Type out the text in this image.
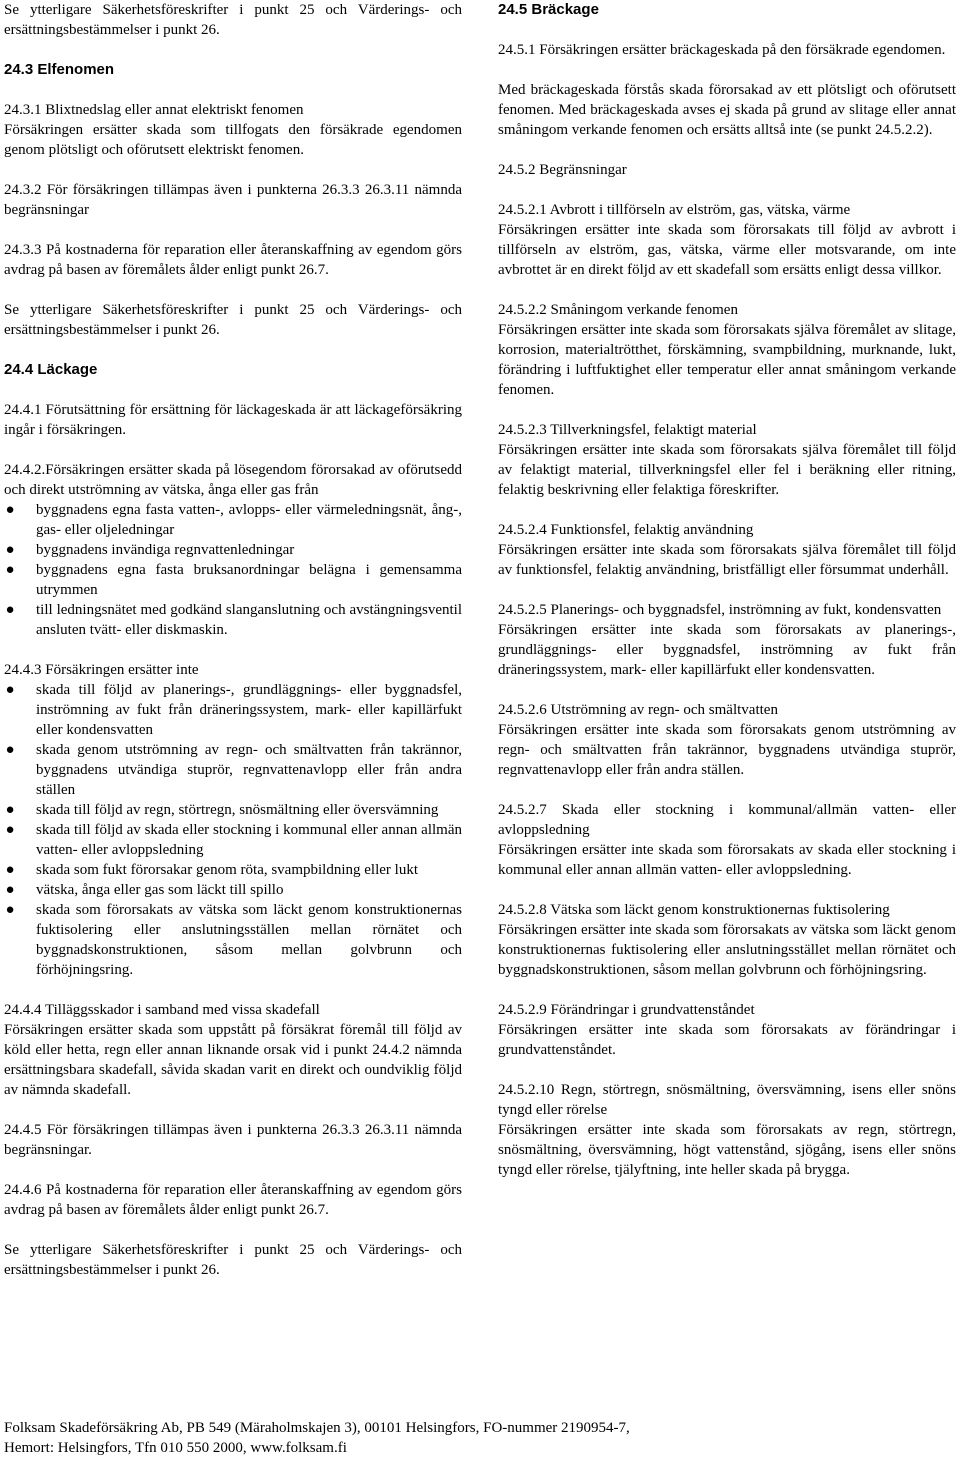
Se ytterligare Säkerhetsföreskrifter i punkt 25 och Värderings- och ersättningsbestämmelser i punkt 26.

24.3 Elfenomen

24.3.1 Blixtnedslag eller annat elektriskt fenomen

Försäkringen ersätter skada som tillfogats den försäkrade egendomen genom plötsligt och oförutsett elektriskt fenomen.

24.3.2 För försäkringen tillämpas även i punkterna 26.3.3 26.3.11 nämnda begränsningar

24.3.3 På kostnaderna för reparation eller återanskaffning av egendom görs avdrag på basen av föremålets ålder enligt punkt 26.7.

Se ytterligare Säkerhetsföreskrifter i punkt 25 och Värderings- och ersättningsbestämmelser i punkt 26.

24.4 Läckage

24.4.1 Förutsättning för ersättning för läckageskada är att läckageförsäkring ingår i försäkringen.

24.4.2.Försäkringen ersätter skada på lösegendom förorsakad av oförutsedd och direkt utströmning av vätska, ånga eller gas från

● byggnadens egna fasta vatten-, avlopps- eller värmeledningsnät, ång-, gas- eller oljeledningar
● byggnadens invändiga regnvattenledningar
● byggnadens egna fasta bruksanordningar belägna i gemensamma utrymmen
● till ledningsnätet med godkänd slanganslutning och avstängningsventil ansluten tvätt- eller diskmaskin.

24.4.3 Försäkringen ersätter inte

● skada till följd av planerings-, grundläggnings- eller byggnadsfel, inströmning av fukt från dräneringssystem, mark- eller kapillärfukt eller kondensvatten
● skada genom utströmning av regn- och smältvatten från takrännor, byggnadens utvändiga stuprör, regnvattenavlopp eller från andra ställen
● skada till följd av regn, störtregn, snösmältning eller översvämning
● skada till följd av skada eller stockning i kommunal eller annan allmän vatten- eller avloppsledning
● skada som fukt förorsakar genom röta, svampbildning eller lukt
● vätska, ånga eller gas som läckt till spillo
● skada som förorsakats av vätska som läckt genom konstruktionernas fuktisolering eller anslutningsställen mellan rörnätet och byggnadskonstruktionen, såsom mellan golvbrunn och förhöjningsring.

24.4.4 Tilläggsskador i samband med vissa skadefall

Försäkringen ersätter skada som uppstått på försäkrat föremål till följd av köld eller hetta, regn eller annan liknande orsak vid i punkt 24.4.2 nämnda ersättningsbara skadefall, såvida skadan varit en direkt och oundviklig följd av nämnda skadefall.

24.4.5 För försäkringen tillämpas även i punkterna 26.3.3 26.3.11 nämnda begränsningar.

24.4.6 På kostnaderna för reparation eller återanskaffning av egendom görs avdrag på basen av föremålets ålder enligt punkt 26.7.

Se ytterligare Säkerhetsföreskrifter i punkt 25 och Värderings- och ersättningsbestämmelser i punkt 26.

24.5 Bräckage

24.5.1 Försäkringen ersätter bräckageskada på den försäkrade egendomen.

Med bräckageskada förstås skada förorsakad av ett plötsligt och oförutsett fenomen. Med bräckageskada avses ej skada på grund av slitage eller annat småningom verkande fenomen och ersätts alltså inte (se punkt 24.5.2.2).

24.5.2 Begränsningar

24.5.2.1 Avbrott i tillförseln av elström, gas, vätska, värme

Försäkringen ersätter inte skada som förorsakats till följd av avbrott i tillförseln av elström, gas, vätska, värme eller motsvarande, om inte avbrottet är en direkt följd av ett skadefall som ersätts enligt dessa villkor.

24.5.2.2 Småningom verkande fenomen

Försäkringen ersätter inte skada som förorsakats själva föremålet av slitage, korrosion, materialtrötthet, förskämning, svampbildning, murknande, lukt, förändring i luftfuktighet eller temperatur eller annat småningom verkande fenomen.

24.5.2.3 Tillverkningsfel, felaktigt material

Försäkringen ersätter inte skada som förorsakats själva föremålet till följd av felaktigt material, tillverkningsfel eller fel i beräkning eller ritning, felaktig beskrivning eller felaktiga föreskrifter.

24.5.2.4 Funktionsfel, felaktig användning

Försäkringen ersätter inte skada som förorsakats själva föremålet till följd av funktionsfel, felaktig användning, bristfälligt eller försummat underhåll.

24.5.2.5 Planerings- och byggnadsfel, inströmning av fukt, kondensvatten

Försäkringen ersätter inte skada som förorsakats av planerings-, grundläggnings- eller byggnadsfel, inströmning av fukt från dräneringssystem, mark- eller kapillärfukt eller kondensvatten.

24.5.2.6 Utströmning av regn- och smältvatten

Försäkringen ersätter inte skada som förorsakats genom utströmning av regn- och smältvatten från takrännor, byggnadens utvändiga stuprör, regnvattenavlopp eller från andra ställen.

24.5.2.7 Skada eller stockning i kommunal/allmän vatten- eller avloppsledning

Försäkringen ersätter inte skada som förorsakats av skada eller stockning i kommunal eller annan allmän vatten- eller avloppsledning.

24.5.2.8 Vätska som läckt genom konstruktionernas fuktisolering

Försäkringen ersätter inte skada som förorsakats av vätska som läckt genom konstruktionernas fuktisolering eller anslutningsstället mellan rörnätet och byggnadskonstruktionen, såsom mellan golvbrunn och förhöjningsring.

24.5.2.9 Förändringar i grundvattenståndet

Försäkringen ersätter inte skada som förorsakats av förändringar i grundvattenståndet.

24.5.2.10 Regn, störtregn, snösmältning, översvämning, isens eller snöns tyngd eller rörelse

Försäkringen ersätter inte skada som förorsakats av regn, störtregn, snösmältning, översvämning, högt vattenstånd, sjögång, isens eller snöns tyngd eller rörelse, tjälyftning, inte heller skada på brygga.

Folksam Skadeförsäkring Ab, PB 549 (Märaholmskajen 3), 00101 Helsingfors, FO-nummer 2190954-7,
Hemort: Helsingfors, Tfn 010 550 2000, www.folksam.fi
